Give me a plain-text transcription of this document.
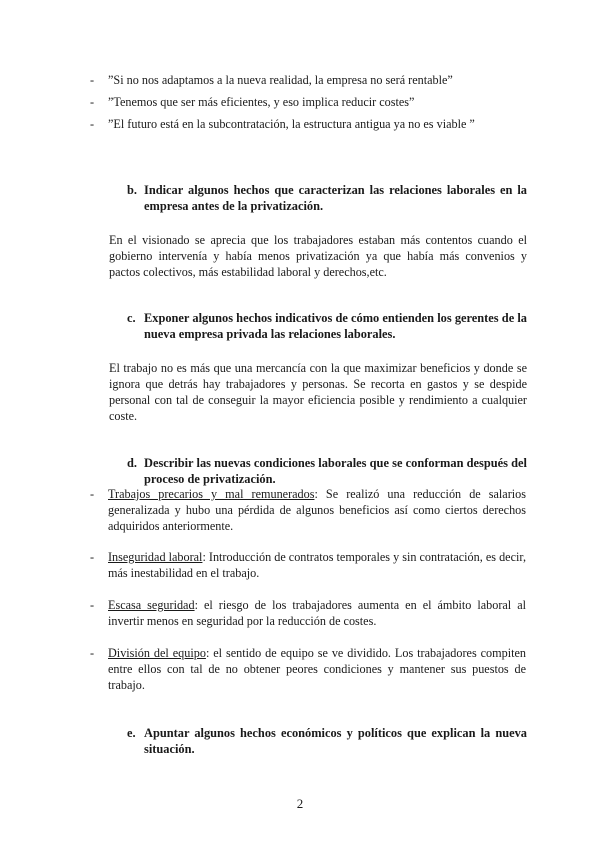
- ”Si no nos adaptamos a la nueva realidad, la empresa no será rentable”
- ”Tenemos que ser más eficientes, y eso implica reducir costes”
- ”El futuro está en la subcontratación, la estructura antigua ya no es viable ”
b. Indicar algunos hechos que caracterizan las relaciones laborales en la empresa antes de la privatización.
En el visionado se aprecia que los trabajadores estaban más contentos cuando el gobierno intervenía y había menos privatización ya que había más convenios y pactos colectivos, más estabilidad laboral y derechos,etc.
c. Exponer algunos hechos indicativos de cómo entienden los gerentes de la nueva empresa privada las relaciones laborales.
El trabajo no es más que una mercancía con la que maximizar beneficios y donde se ignora que detrás hay trabajadores y personas. Se recorta en gastos y se despide personal con tal de conseguir la mayor eficiencia posible y rendimiento a cualquier coste.
d. Describir las nuevas condiciones laborales que se conforman después del proceso de privatización.
- Trabajos precarios y mal remunerados: Se realizó una reducción de salarios generalizada y hubo una pérdida de algunos beneficios así como ciertos derechos adquiridos anteriormente.
- Inseguridad laboral: Introducción de contratos temporales y sin contratación, es decir, más inestabilidad en el trabajo.
- Escasa seguridad: el riesgo de los trabajadores aumenta en el ámbito laboral al invertir menos en seguridad por la reducción de costes.
- División del equipo: el sentido de equipo se ve dividido. Los trabajadores compiten entre ellos con tal de no obtener peores condiciones y mantener sus puestos de trabajo.
e. Apuntar algunos hechos económicos y políticos que explican la nueva situación.
2
